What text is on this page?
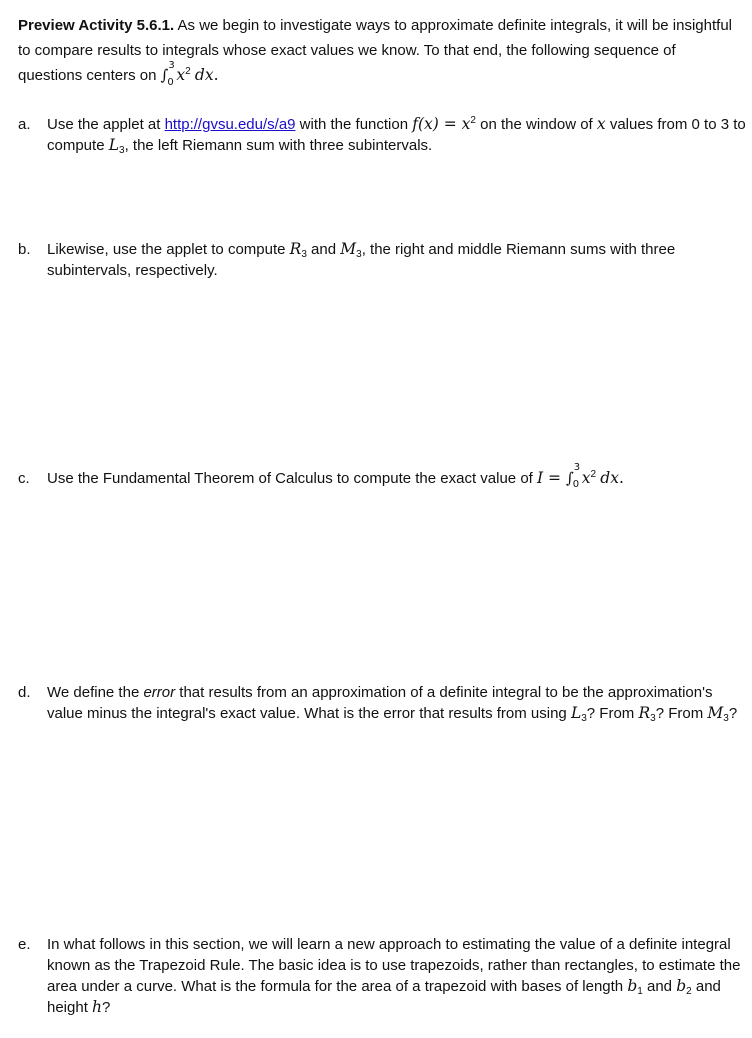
Preview Activity 5.6.1. As we begin to investigate ways to approximate definite integrals, it will be insightful to compare results to integrals whose exact values we know. To that end, the following sequence of questions centers on ∫
3
0 $x^2$ dx.
a.	Use the applet at http://gvsu.edu/s/a9 with the function $f(x) = x^2$ on the window of x values from 0 to 3 to compute $L_3$, the left Riemann sum with three subintervals.
b.	Likewise, use the applet to compute $R_3$ and $M_3$, the right and middle Riemann sums with three subintervals, respectively.
c.	Use the Fundamental Theorem of Calculus to compute the exact value of I = ∫
3
0 $x^2$ dx.
d.	We define the error that results from an approximation of a definite integral to be the approximation's value minus the integral's exact value. What is the error that results from using $L_3$? From $R_3$? From $M_3$?
e.	In what follows in this section, we will learn a new approach to estimating the value of a definite integral known as the Trapezoid Rule. The basic idea is to use trapezoids, rather than rectangles, to estimate the area under a curve. What is the formula for the area of a trapezoid with bases of length $b_1$ and $b_2$ and height h?
